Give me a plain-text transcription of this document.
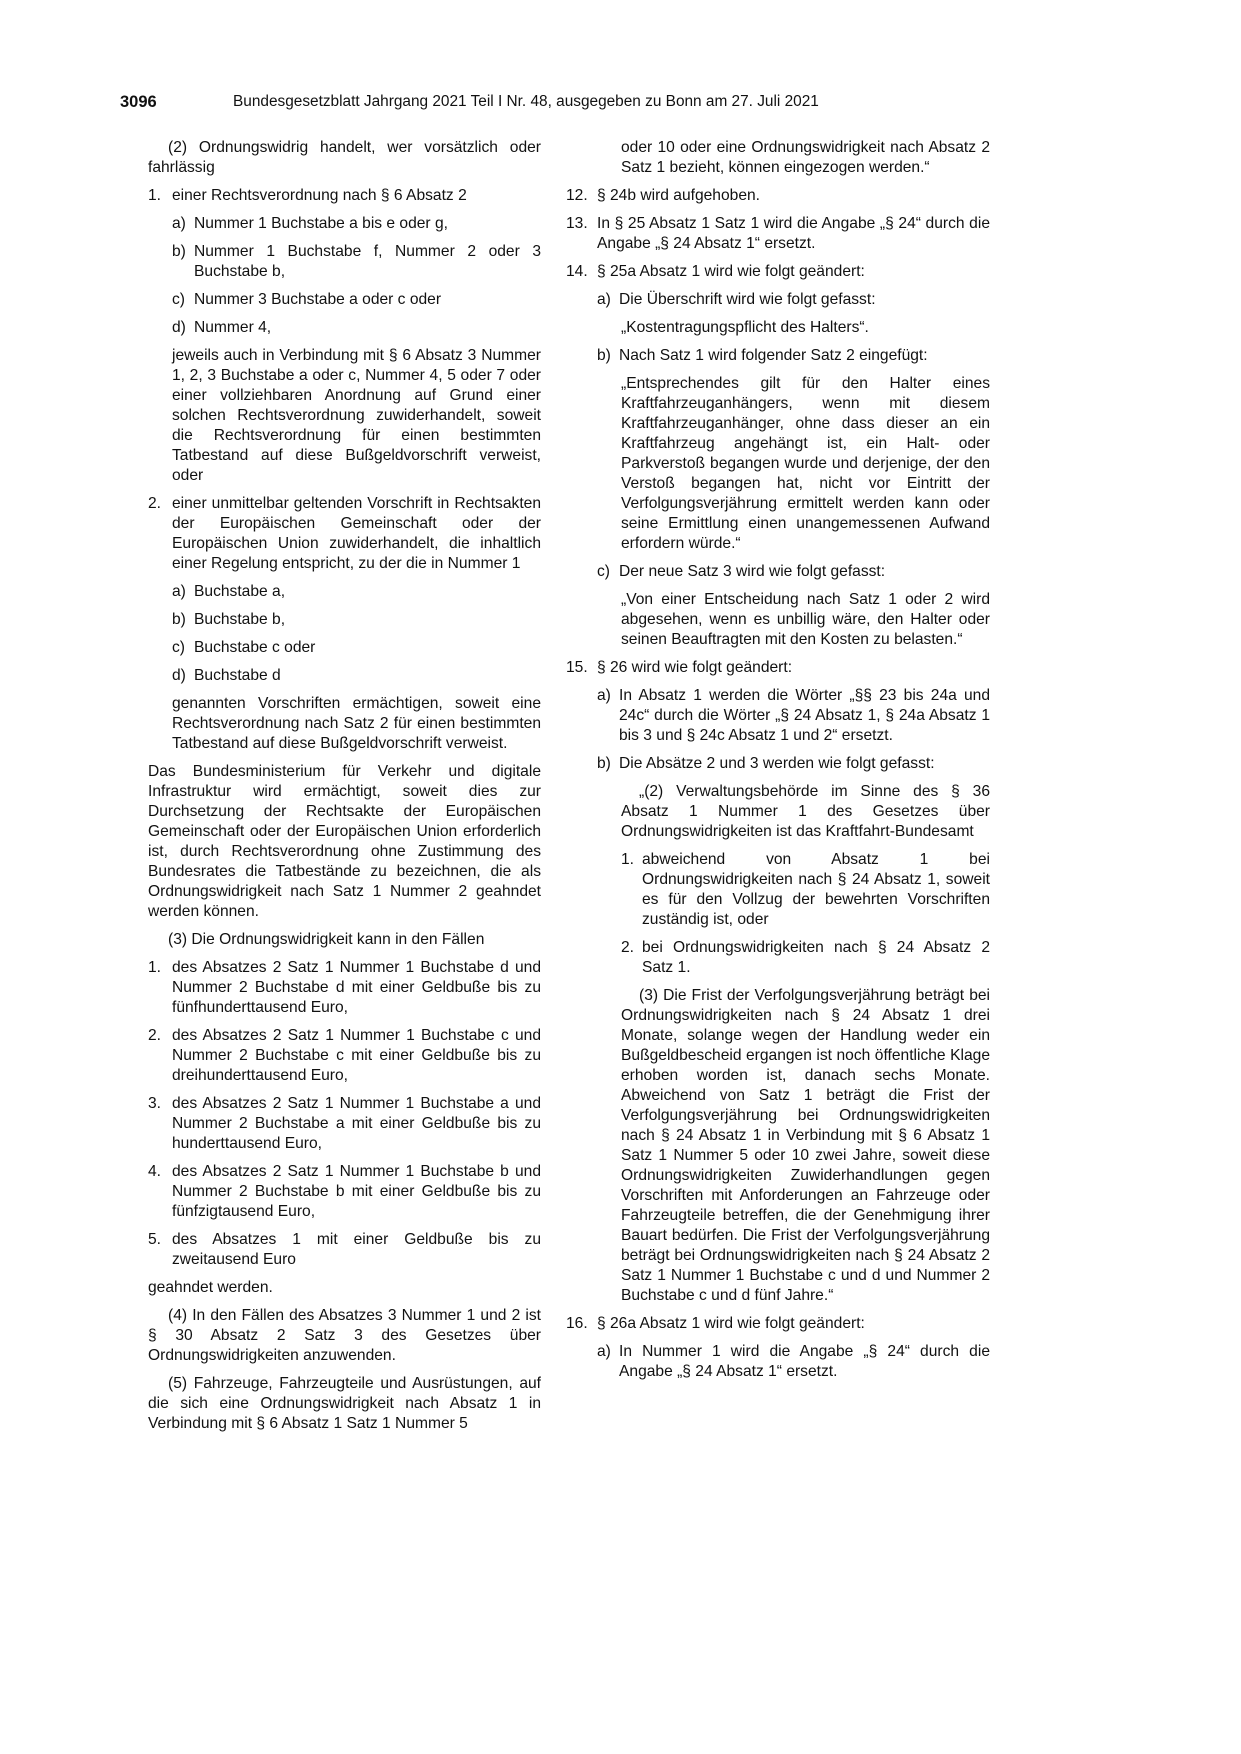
3096	Bundesgesetzblatt Jahrgang 2021 Teil I Nr. 48, ausgegeben zu Bonn am 27. Juli 2021

(2) Ordnungswidrig handelt, wer vorsätzlich oder fahrlässig

1. einer Rechtsverordnung nach § 6 Absatz 2
a) Nummer 1 Buchstabe a bis e oder g,
b) Nummer 1 Buchstabe f, Nummer 2 oder 3 Buchstabe b,
c) Nummer 3 Buchstabe a oder c oder
d) Nummer 4,
jeweils auch in Verbindung mit § 6 Absatz 3 Nummer 1, 2, 3 Buchstabe a oder c, Nummer 4, 5 oder 7 oder einer vollziehbaren Anordnung auf Grund einer solchen Rechtsverordnung zuwiderhandelt, soweit die Rechtsverordnung für einen bestimmten Tatbestand auf diese Bußgeldvorschrift verweist, oder
2. einer unmittelbar geltenden Vorschrift in Rechtsakten der Europäischen Gemeinschaft oder der Europäischen Union zuwiderhandelt, die inhaltlich einer Regelung entspricht, zu der die in Nummer 1
a) Buchstabe a,
b) Buchstabe b,
c) Buchstabe c oder
d) Buchstabe d
genannten Vorschriften ermächtigen, soweit eine Rechtsverordnung nach Satz 2 für einen bestimmten Tatbestand auf diese Bußgeldvorschrift verweist.

Das Bundesministerium für Verkehr und digitale Infrastruktur wird ermächtigt, soweit dies zur Durchsetzung der Rechtsakte der Europäischen Gemeinschaft oder der Europäischen Union erforderlich ist, durch Rechtsverordnung ohne Zustimmung des Bundesrates die Tatbestände zu bezeichnen, die als Ordnungswidrigkeit nach Satz 1 Nummer 2 geahndet werden können.

(3) Die Ordnungswidrigkeit kann in den Fällen

1. des Absatzes 2 Satz 1 Nummer 1 Buchstabe d und Nummer 2 Buchstabe d mit einer Geldbuße bis zu fünfhunderttausend Euro,
2. des Absatzes 2 Satz 1 Nummer 1 Buchstabe c und Nummer 2 Buchstabe c mit einer Geldbuße bis zu dreihunderttausend Euro,
3. des Absatzes 2 Satz 1 Nummer 1 Buchstabe a und Nummer 2 Buchstabe a mit einer Geldbuße bis zu hunderttausend Euro,
4. des Absatzes 2 Satz 1 Nummer 1 Buchstabe b und Nummer 2 Buchstabe b mit einer Geldbuße bis zu fünfzigtausend Euro,
5. des Absatzes 1 mit einer Geldbuße bis zu zweitausend Euro

geahndet werden.

(4) In den Fällen des Absatzes 3 Nummer 1 und 2 ist § 30 Absatz 2 Satz 3 des Gesetzes über Ordnungswidrigkeiten anzuwenden.

(5) Fahrzeuge, Fahrzeugteile und Ausrüstungen, auf die sich eine Ordnungswidrigkeit nach Absatz 1 in Verbindung mit § 6 Absatz 1 Satz 1 Nummer 5

oder 10 oder eine Ordnungswidrigkeit nach Absatz 2 Satz 1 bezieht, können eingezogen werden.“

12. § 24b wird aufgehoben.
13. In § 25 Absatz 1 Satz 1 wird die Angabe „§ 24“ durch die Angabe „§ 24 Absatz 1“ ersetzt.
14. § 25a Absatz 1 wird wie folgt geändert:
a) Die Überschrift wird wie folgt gefasst:
„Kostentragungspflicht des Halters“.
b) Nach Satz 1 wird folgender Satz 2 eingefügt:
„Entsprechendes gilt für den Halter eines Kraftfahrzeuganhängers, wenn mit diesem Kraftfahrzeuganhänger, ohne dass dieser an ein Kraftfahrzeug angehängt ist, ein Halt- oder Parkverstoß begangen wurde und derjenige, der den Verstoß begangen hat, nicht vor Eintritt der Verfolgungsverjährung ermittelt werden kann oder seine Ermittlung einen unangemessenen Aufwand erfordern würde.“
c) Der neue Satz 3 wird wie folgt gefasst:
„Von einer Entscheidung nach Satz 1 oder 2 wird abgesehen, wenn es unbillig wäre, den Halter oder seinen Beauftragten mit den Kosten zu belasten.“
15. § 26 wird wie folgt geändert:
a) In Absatz 1 werden die Wörter „§§ 23 bis 24a und 24c“ durch die Wörter „§ 24 Absatz 1, § 24a Absatz 1 bis 3 und § 24c Absatz 1 und 2“ ersetzt.
b) Die Absätze 2 und 3 werden wie folgt gefasst:
„(2) Verwaltungsbehörde im Sinne des § 36 Absatz 1 Nummer 1 des Gesetzes über Ordnungswidrigkeiten ist das Kraftfahrt-Bundesamt
1. abweichend von Absatz 1 bei Ordnungswidrigkeiten nach § 24 Absatz 1, soweit es für den Vollzug der bewehrten Vorschriften zuständig ist, oder
2. bei Ordnungswidrigkeiten nach § 24 Absatz 2 Satz 1.
(3) Die Frist der Verfolgungsverjährung beträgt bei Ordnungswidrigkeiten nach § 24 Absatz 1 drei Monate, solange wegen der Handlung weder ein Bußgeldbescheid ergangen ist noch öffentliche Klage erhoben worden ist, danach sechs Monate. Abweichend von Satz 1 beträgt die Frist der Verfolgungsverjährung bei Ordnungswidrigkeiten nach § 24 Absatz 1 in Verbindung mit § 6 Absatz 1 Satz 1 Nummer 5 oder 10 zwei Jahre, soweit diese Ordnungswidrigkeiten Zuwiderhandlungen gegen Vorschriften mit Anforderungen an Fahrzeuge oder Fahrzeugteile betreffen, die der Genehmigung ihrer Bauart bedürfen. Die Frist der Verfolgungsverjährung beträgt bei Ordnungswidrigkeiten nach § 24 Absatz 2 Satz 1 Nummer 1 Buchstabe c und d und Nummer 2 Buchstabe c und d fünf Jahre.“
16. § 26a Absatz 1 wird wie folgt geändert:
a) In Nummer 1 wird die Angabe „§ 24“ durch die Angabe „§ 24 Absatz 1“ ersetzt.
